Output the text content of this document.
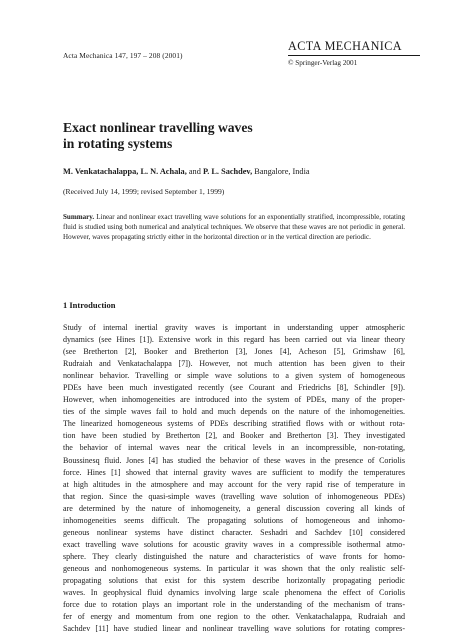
Acta Mechanica 147, 197 – 208 (2001)
ACTA MECHANICA
© Springer-Verlag 2001
Exact nonlinear travelling waves
in rotating systems
M. Venkatachalappa, L. N. Achala, and P. L. Sachdev, Bangalore, India
(Received July 14, 1999; revised September 1, 1999)

Summary. Linear and nonlinear exact travelling wave solutions for an exponentially stratified, incompressible, rotating fluid is studied using both numerical and analytical techniques. We observe that these waves are not periodic in general. However, waves propagating strictly either in the horizontal direction or in the vertical direction are periodic.

1 Introduction
Study of internal inertial gravity waves is important in understanding upper atmospheric
dynamics (see Hines [1]). Extensive work in this regard has been carried out via linear theory
(see Bretherton [2], Booker and Bretherton [3], Jones [4], Acheson [5], Grimshaw [6],
Rudraiah and Venkatachalappa [7]). However, not much attention has been given to their
nonlinear behavior. Travelling or simple wave solutions to a given system of homogeneous
PDEs have been much investigated recently (see Courant and Friedrichs [8], Schindler [9]).
However, when inhomogeneities are introduced into the system of PDEs, many of the proper-
ties of the simple waves fail to hold and much depends on the nature of the inhomogeneities.
The linearized homogeneous systems of PDEs describing stratified flows with or without rota-
tion have been studied by Bretherton [2], and Booker and Bretherton [3]. They investigated
the behavior of internal waves near the critical levels in an incompressible, non-rotating,
Boussinesq fluid. Jones [4] has studied the behavior of these waves in the presence of Coriolis
force. Hines [1] showed that internal gravity waves are sufficient to modify the temperatures
at high altitudes in the atmosphere and may account for the very rapid rise of temperature in
that region. Since the quasi-simple waves (travelling wave solution of inhomogeneous PDEs)
are determined by the nature of inhomogeneity, a general discussion covering all kinds of
inhomogeneities seems difficult. The propagating solutions of homogeneous and inhomo-
geneous nonlinear systems have distinct character. Seshadri and Sachdev [10] considered
exact travelling wave solutions for acoustic gravity waves in a compressible isothermal atmo-
sphere. They clearly distinguished the nature and characteristics of wave fronts for homo-
geneous and nonhomogeneous systems. In particular it was shown that the only realistic self-
propagating solutions that exist for this system describe horizontally propagating periodic
waves. In geophysical fluid dynamics involving large scale phenomena the effect of Coriolis
force due to rotation plays an important role in the understanding of the mechanism of trans-
fer of energy and momentum from one region to the other. Venkatachalappa, Rudraiah and
Sachdev [11] have studied linear and nonlinear travelling wave solutions for rotating compres-
